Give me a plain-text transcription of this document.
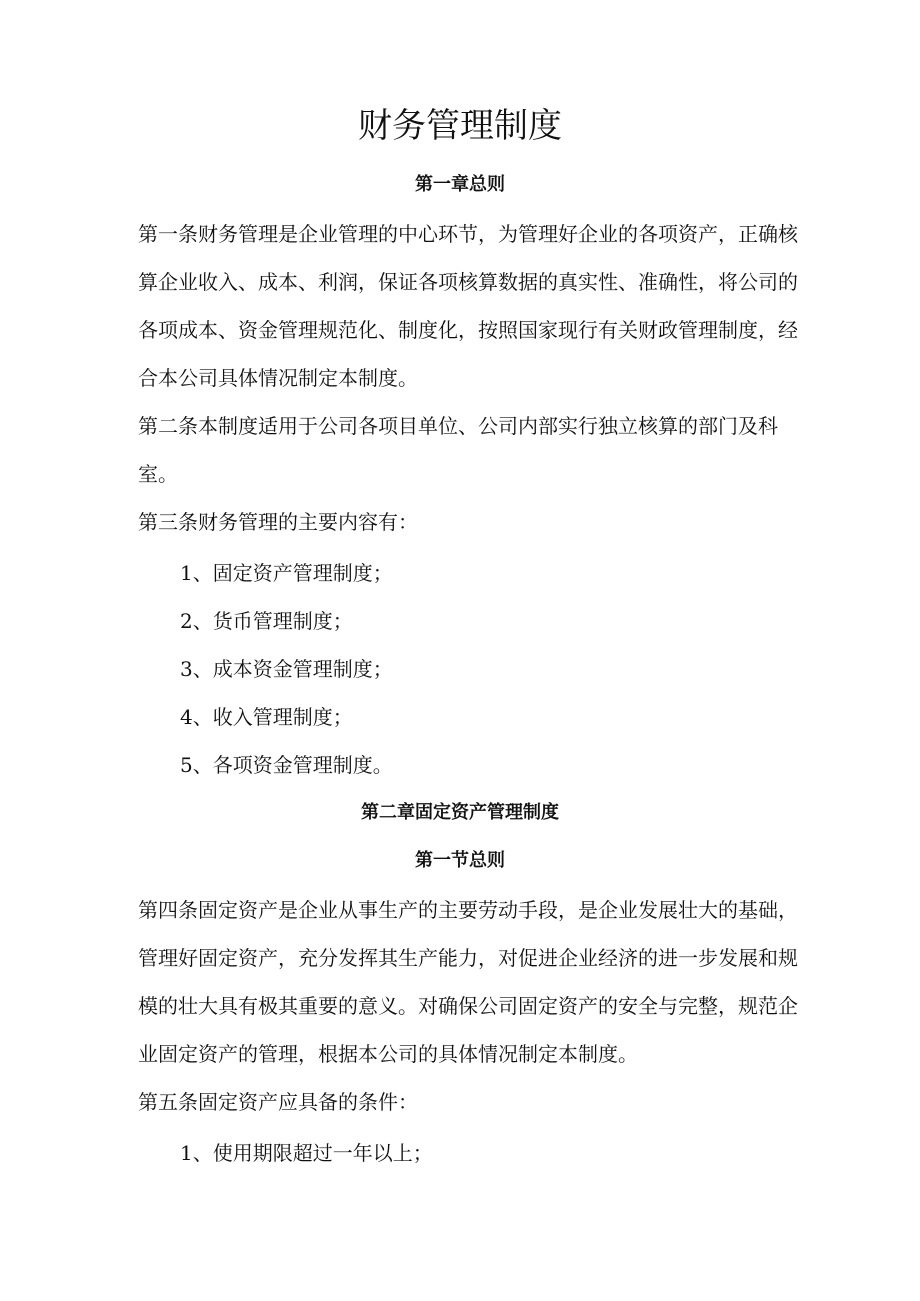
财务管理制度
第一章总则
第一条财务管理是企业管理的中心环节，为管理好企业的各项资产，正确核算企业收入、成本、利润，保证各项核算数据的真实性、准确性，将公司的各项成本、资金管理规范化、制度化，按照国家现行有关财政管理制度，经合本公司具体情况制定本制度。
第二条本制度适用于公司各项目单位、公司内部实行独立核算的部门及科室。
第三条财务管理的主要内容有：
1、固定资产管理制度；
2、货币管理制度；
3、成本资金管理制度；
4、收入管理制度；
5、各项资金管理制度。
第二章固定资产管理制度
第一节总则
第四条固定资产是企业从事生产的主要劳动手段，是企业发展壮大的基础，管理好固定资产，充分发挥其生产能力，对促进企业经济的进一步发展和规模的壮大具有极其重要的意义。对确保公司固定资产的安全与完整，规范企业固定资产的管理，根据本公司的具体情况制定本制度。
第五条固定资产应具备的条件：
1、使用期限超过一年以上；
